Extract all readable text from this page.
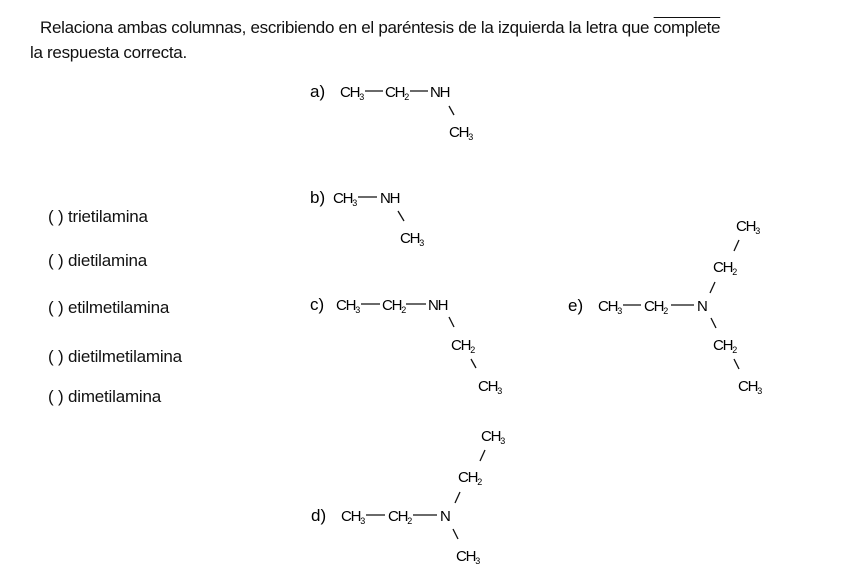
Relaciona ambas columnas, escribiendo en el paréntesis de la izquierda la letra que complete
la respuesta correcta.
( ) trietilamina
( ) dietilamina
( ) etilmetilamina
( ) dietilmetilamina
( ) dimetilamina
a) $CH_3$ $CH_2$ NH
$CH_3$
b) $CH_3$ NH
$CH_3$
c) $CH_3$ $CH_2$ NH
$CH_2$
$CH_3$
$CH_3$
$CH_2$
e) $CH_3$ $CH_2$ N
$CH_2$
$CH_3$
$CH_3$
$CH_2$
d) $CH_3$ $CH_2$ N
$CH_3$
